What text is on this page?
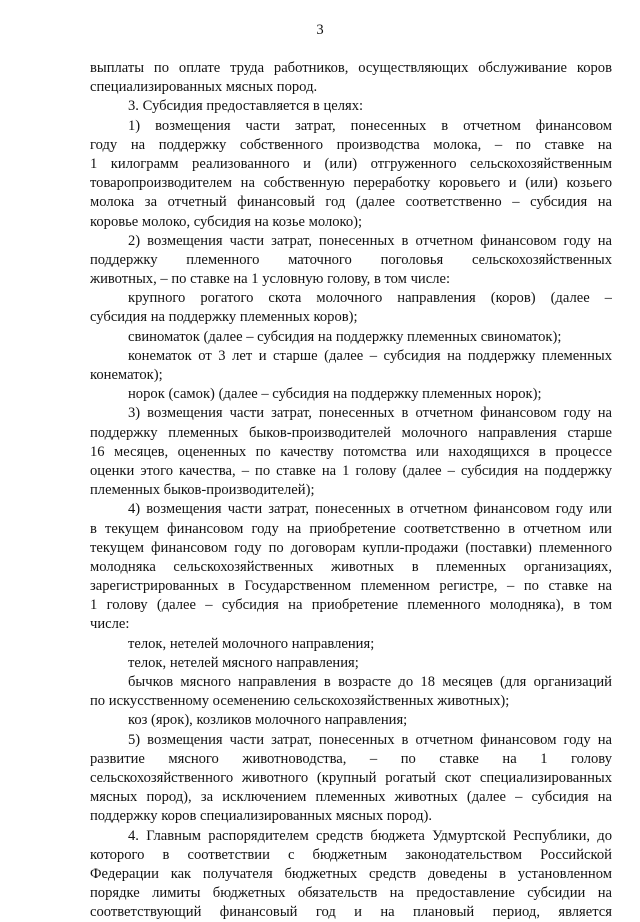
3
выплаты по оплате труда работников, осуществляющих обслуживание коров
специализированных мясных пород.
3. Субсидия предоставляется в целях:
1) возмещения части затрат, понесенных в отчетном финансовом
году на поддержку собственного производства молока, – по ставке на
1 килограмм реализованного и (или) отгруженного сельскохозяйственным
товаропроизводителем на собственную переработку коровьего и (или) козьего
молока за отчетный финансовый год (далее соответственно – субсидия на
коровье молоко, субсидия на козье молоко);
2) возмещения части затрат, понесенных в отчетном финансовом году на
поддержку племенного маточного поголовья сельскохозяйственных
животных, – по ставке на 1 условную голову, в том числе:
крупного рогатого скота молочного направления (коров) (далее –
субсидия на поддержку племенных коров);
свиноматок (далее – субсидия на поддержку племенных свиноматок);
конематок от 3 лет и старше (далее – субсидия на поддержку племенных
конематок);
норок (самок) (далее – субсидия на поддержку племенных норок);
3) возмещения части затрат, понесенных в отчетном финансовом году на
поддержку племенных быков-производителей молочного направления старше
16 месяцев, оцененных по качеству потомства или находящихся в процессе
оценки этого качества, – по ставке на 1 голову (далее – субсидия на поддержку
племенных быков-производителей);
4) возмещения части затрат, понесенных в отчетном финансовом году или
в текущем финансовом году на приобретение соответственно в отчетном или
текущем финансовом году по договорам купли-продажи (поставки) племенного
молодняка сельскохозяйственных животных в племенных организациях,
зарегистрированных в Государственном племенном регистре, – по ставке на
1 голову (далее – субсидия на приобретение племенного молодняка), в том
числе:
телок, нетелей молочного направления;
телок, нетелей мясного направления;
бычков мясного направления в возрасте до 18 месяцев (для организаций
по искусственному осеменению сельскохозяйственных животных);
коз (ярок), козликов молочного направления;
5) возмещения части затрат, понесенных в отчетном финансовом году на
развитие мясного животноводства, – по ставке на 1 голову
сельскохозяйственного животного (крупный рогатый скот специализированных
мясных пород), за исключением племенных животных (далее – субсидия на
поддержку коров специализированных мясных пород).
4. Главным распорядителем средств бюджета Удмуртской Республики, до
которого в соответствии с бюджетным законодательством Российской
Федерации как получателя бюджетных средств доведены в установленном
порядке лимиты бюджетных обязательств на предоставление субсидии на
соответствующий финансовый год и на плановый период, является
